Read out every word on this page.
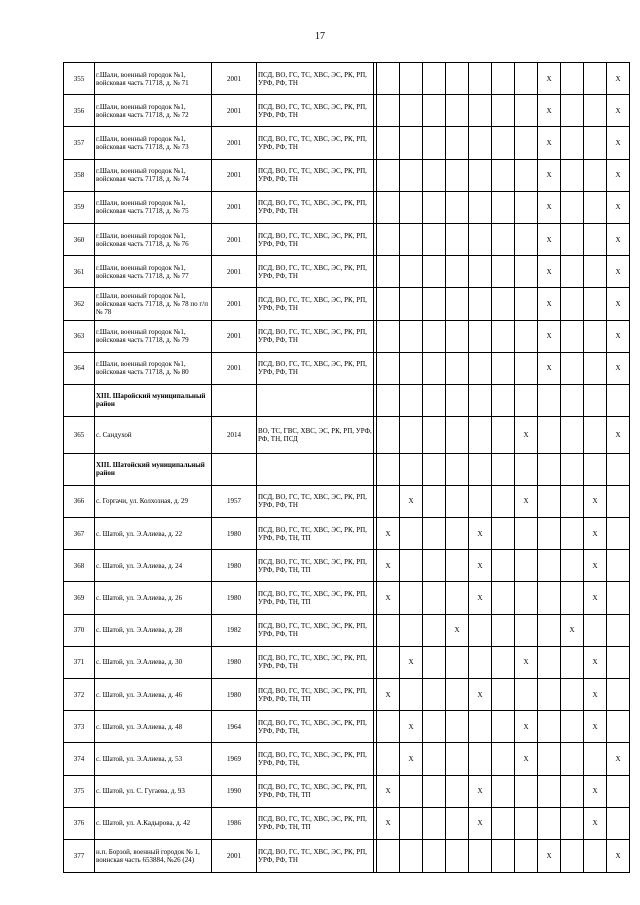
17
355	г.Шали, военный городок №1, войсковая часть 71718, д. № 71	2001	ПСД, ВО, ГС, ТС, ХВС, ЭС, РК, РП, УРФ, РФ, ТН									X			X
356	г.Шали, военный городок №1, войсковая часть 71718, д. № 72	2001	ПСД, ВО, ГС, ТС, ХВС, ЭС, РК, РП, УРФ, РФ, ТН									X			X
357	г.Шали, военный городок №1, войсковая часть 71718, д. № 73	2001	ПСД, ВО, ГС, ТС, ХВС, ЭС, РК, РП, УРФ, РФ, ТН									X			X
358	г.Шали, военный городок №1, войсковая часть 71718, д. № 74	2001	ПСД, ВО, ГС, ТС, ХВС, ЭС, РК, РП, УРФ, РФ, ТН									X			X
359	г.Шали, военный городок №1, войсковая часть 71718, д. № 75	2001	ПСД, ВО, ГС, ТС, ХВС, ЭС, РК, РП, УРФ, РФ, ТН									X			X
360	г.Шали, военный городок №1, войсковая часть 71718, д. № 76	2001	ПСД, ВО, ГС, ТС, ХВС, ЭС, РК, РП, УРФ, РФ, ТН									X			X
361	г.Шали, военный городок №1, войсковая часть 71718, д. № 77	2001	ПСД, ВО, ГС, ТС, ХВС, ЭС, РК, РП, УРФ, РФ, ТН									X			X
362	г.Шали, военный городок №1, войсковая часть 71718, д. № 78 по г/п № 78	2001	ПСД, ВО, ГС, ТС, ХВС, ЭС, РК, РП, УРФ, РФ, ТН									X			X
363	г.Шали, военный городок №1, войсковая часть 71718, д. № 79	2001	ПСД, ВО, ГС, ТС, ХВС, ЭС, РК, РП, УРФ, РФ, ТН									X			X
364	г.Шали, военный городок №1, войсковая часть 71718, д. № 80	2001	ПСД, ВО, ГС, ТС, ХВС, ЭС, РК, РП, УРФ, РФ, ТН									X			X
	XIII. Шаройский муниципальный район														
365	с. Сандухой	2014	ВО, ТС, ГВС, ХВС, ЭС, РК, РП, УРФ, РФ, ТН, ПСД								X				X
	XIII. Шатойский муниципальный район														
366	с. Горгачи, ул. Колхозная, д. 29	1957	ПСД, ВО, ГС, ТС, ХВС, ЭС, РК, РП, УРФ, РФ, ТН			X					X			X	
367	с. Шатой, ул. Э.Алиева, д. 22	1980	ПСД, ВО, ГС, ТС, ХВС, ЭС, РК, РП, УРФ, РФ, ТН, ТП		X				X					X	
368	с. Шатой, ул. Э.Алиева, д. 24	1980	ПСД, ВО, ГС, ТС, ХВС, ЭС, РК, РП, УРФ, РФ, ТН, ТП		X				X					X	
369	с. Шатой, ул. Э.Алиева, д. 26	1980	ПСД, ВО, ГС, ТС, ХВС, ЭС, РК, РП, УРФ, РФ, ТН, ТП		X				X					X	
370	с. Шатой, ул. Э.Алиева, д. 28	1982	ПСД, ВО, ГС, ТС, ХВС, ЭС, РК, РП, УРФ, РФ, ТН					X					X		
371	с. Шатой, ул. Э.Алиева, д. 30	1980	ПСД, ВО, ГС, ТС, ХВС, ЭС, РК, РП, УРФ, РФ, ТН			X					X			X	
372	с. Шатой, ул. Э.Алиева, д. 46	1980	ПСД, ВО, ГС, ТС, ХВС, ЭС, РК, РП, УРФ, РФ, ТН, ТП		X				X					X	
373	с. Шатой, ул. Э.Алиева, д. 48	1964	ПСД, ВО, ГС, ТС, ХВС, ЭС, РК, РП, УРФ, РФ, ТН,			X					X			X	
374	с. Шатой, ул. Э.Алиева, д. 53	1969	ПСД, ВО, ГС, ТС, ХВС, ЭС, РК, РП, УРФ, РФ, ТН,			X					X				X
375	с. Шатой, ул. С. Гугаева, д. 93	1990	ПСД, ВО, ГС, ТС, ХВС, ЭС, РК, РП, УРФ, РФ, ТН, ТП		X				X					X	
376	с. Шатой, ул. А.Кадырова, д. 42	1986	ПСД, ВО, ГС, ТС, ХВС, ЭС, РК, РП, УРФ, РФ, ТН, ТП		X				X					X	
377	н.п. Борзой, военный городок № 1, воинская часть 653884, №26 (24)	2001	ПСД, ВО, ГС, ТС, ХВС, ЭС, РК, РП, УРФ, РФ, ТН									X			X
